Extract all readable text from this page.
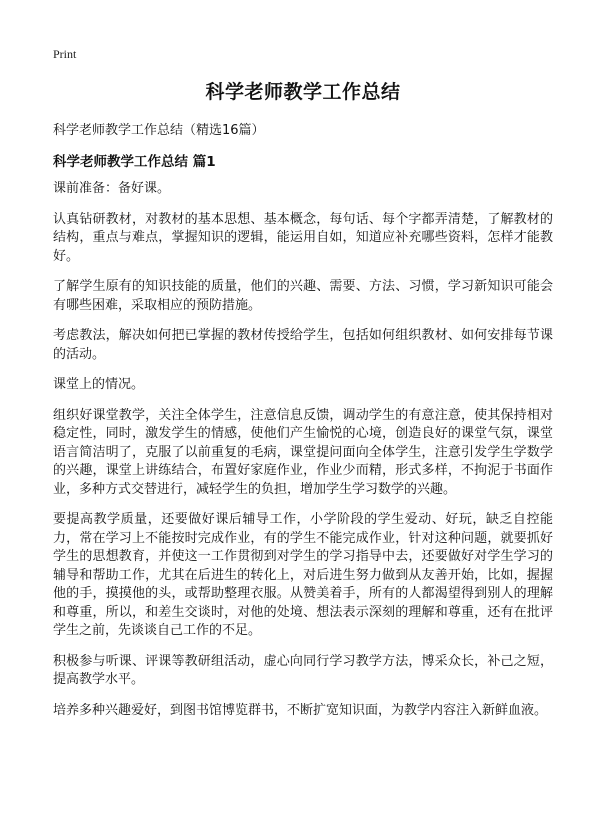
Print
科学老师教学工作总结

科学老师教学工作总结（精选16篇）

科学老师教学工作总结 篇1

课前准备：备好课。

认真钻研教材，对教材的基本思想、基本概念，每句话、每个字都弄清楚，了解教材的结构，重点与难点，掌握知识的逻辑，能运用自如，知道应补充哪些资料，怎样才能教好。

了解学生原有的知识技能的质量，他们的兴趣、需要、方法、习惯，学习新知识可能会有哪些困难，采取相应的预防措施。

考虑教法，解决如何把已掌握的教材传授给学生，包括如何组织教材、如何安排每节课的活动。

课堂上的情况。

组织好课堂教学，关注全体学生，注意信息反馈，调动学生的有意注意，使其保持相对稳定性，同时，激发学生的情感，使他们产生愉悦的心境，创造良好的课堂气氛，课堂语言简洁明了，克服了以前重复的毛病，课堂提问面向全体学生，注意引发学生学数学的兴趣，课堂上讲练结合，布置好家庭作业，作业少而精，形式多样，不拘泥于书面作业，多种方式交替进行，减轻学生的负担，增加学生学习数学的兴趣。

要提高教学质量，还要做好课后辅导工作，小学阶段的学生爱动、好玩，缺乏自控能力，常在学习上不能按时完成作业，有的学生不能完成作业，针对这种问题，就要抓好学生的思想教育，并使这一工作贯彻到对学生的学习指导中去，还要做好对学生学习的辅导和帮助工作，尤其在后进生的转化上，对后进生努力做到从友善开始，比如，握握他的手，摸摸他的头，或帮助整理衣服。从赞美着手，所有的人都渴望得到别人的理解和尊重，所以，和差生交谈时，对他的处境、想法表示深刻的理解和尊重，还有在批评学生之前，先谈谈自己工作的不足。

积极参与听课、评课等教研组活动，虚心向同行学习教学方法，博采众长，补己之短，提高教学水平。

培养多种兴趣爱好，到图书馆博览群书，不断扩宽知识面，为教学内容注入新鲜血液。
